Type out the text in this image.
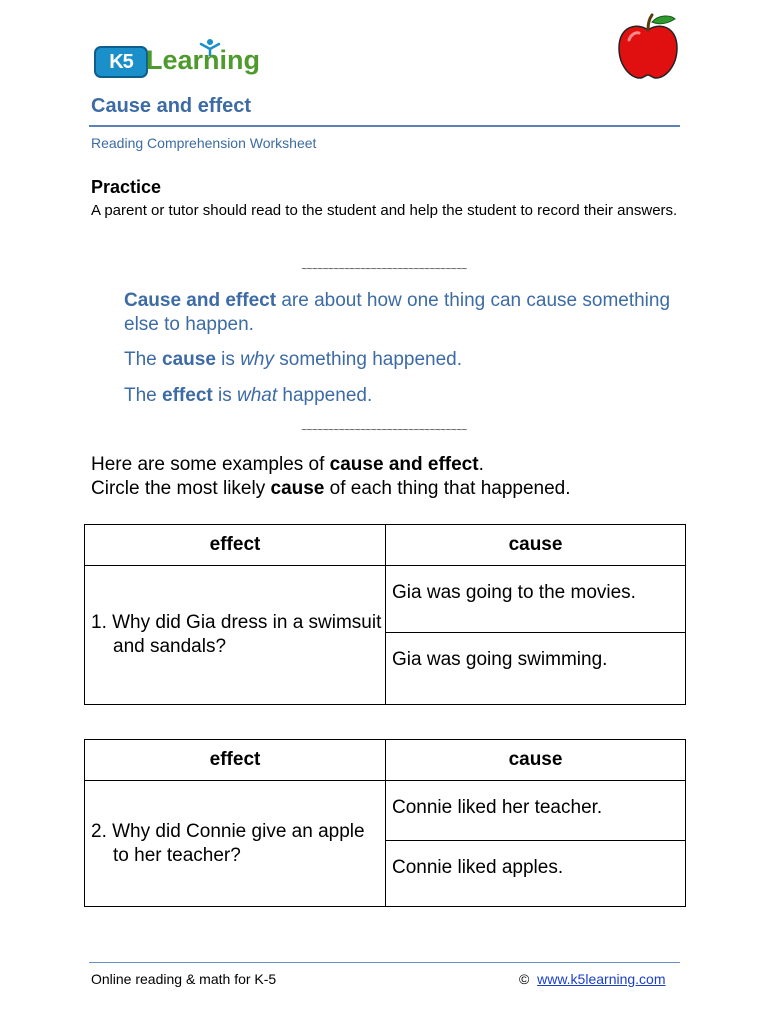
K5 Learning
Cause and effect
Reading Comprehension Worksheet
Practice
A parent or tutor should read to the student and help the student to record their answers.
~~~~~~~~~~~~~~~~~~~~~~~~~~~~~~~
Cause and effect are about how one thing can cause something else to happen.
The cause is why something happened.
The effect is what happened.
~~~~~~~~~~~~~~~~~~~~~~~~~~~~~~~
Here are some examples of cause and effect.
Circle the most likely cause of each thing that happened.
effect	cause

1. Why did Gia dress in a swimsuit and sandals?	Gia was going to the movies.
	Gia was going swimming.
effect	cause

2. Why did Connie give an apple to her teacher?	Connie liked her teacher.
	Connie liked apples.
Online reading & math for K-5	© www.k5learning.com
